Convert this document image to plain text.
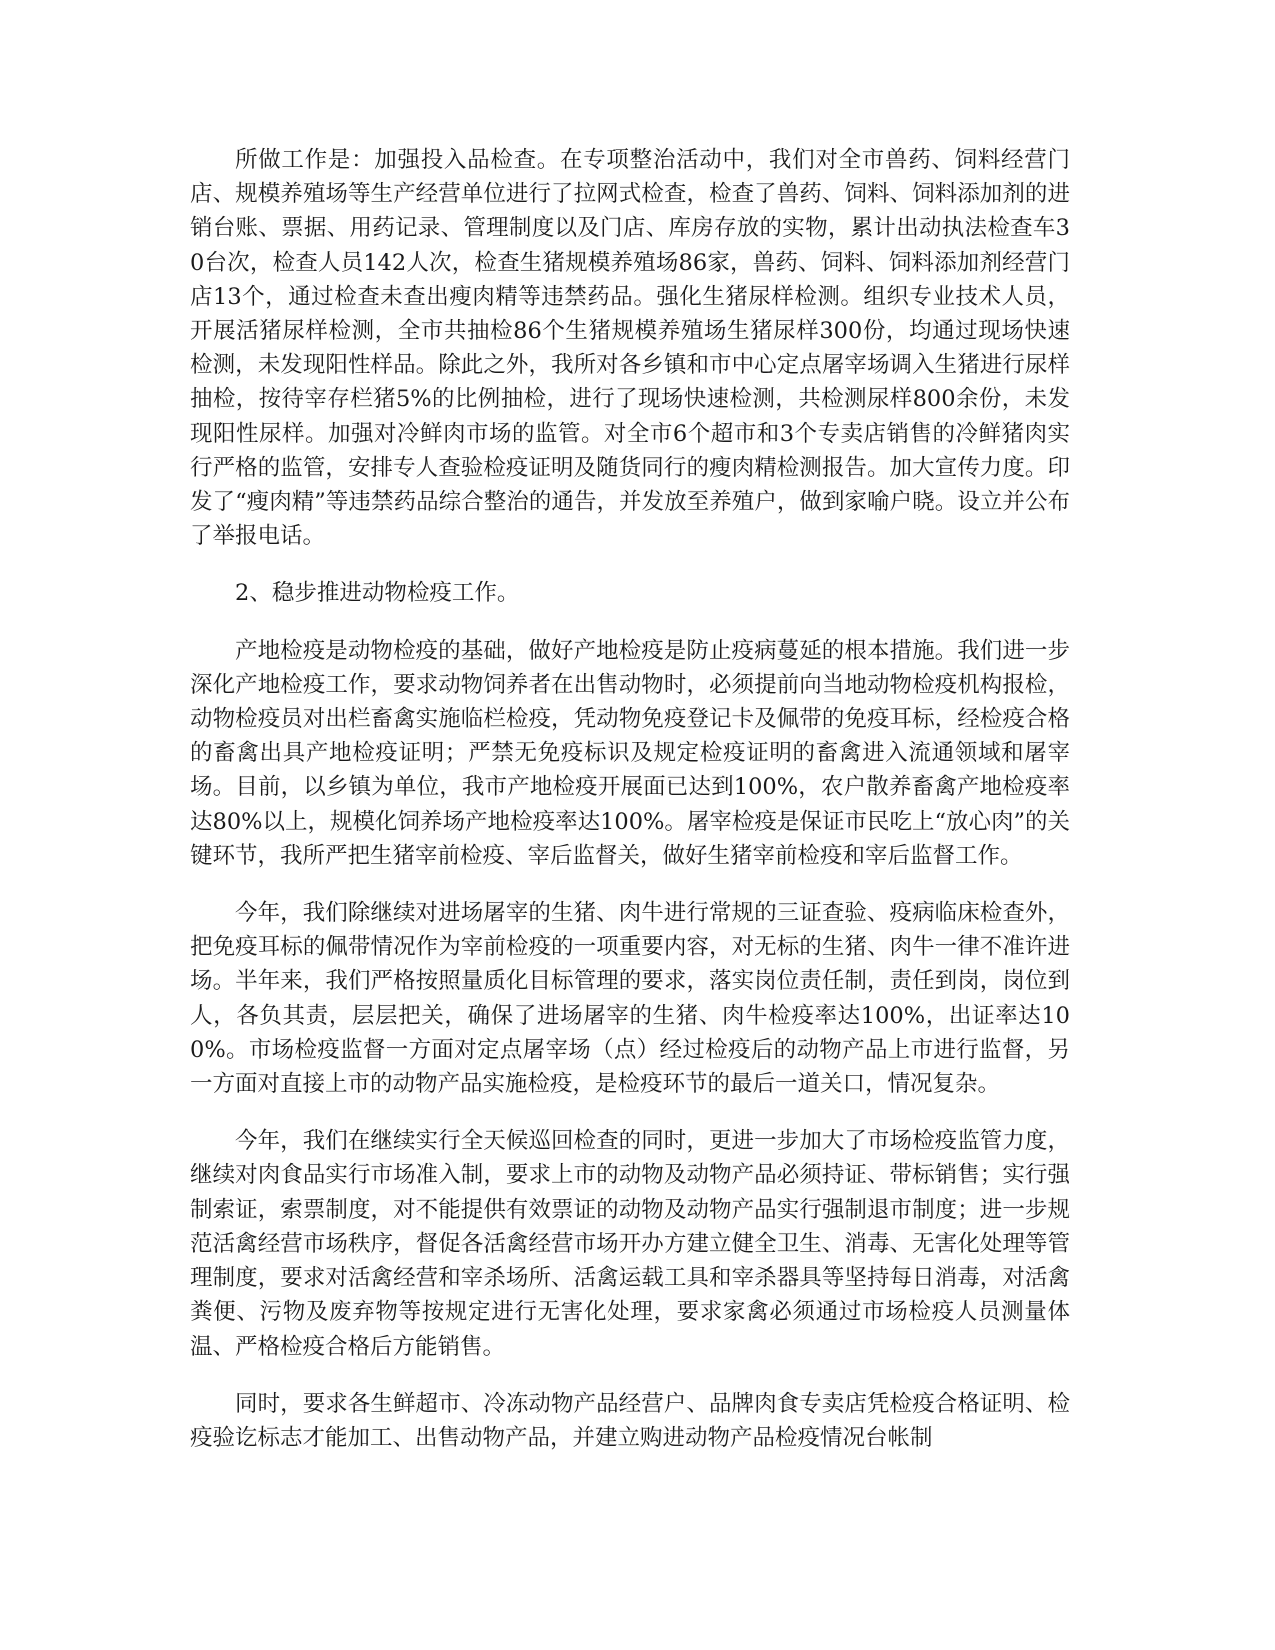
所做工作是：加强投入品检查。在专项整治活动中，我们对全市兽药、饲料经营门店、规模养殖场等生产经营单位进行了拉网式检查，检查了兽药、饲料、饲料添加剂的进销台账、票据、用药记录、管理制度以及门店、库房存放的实物，累计出动执法检查车30台次，检查人员142人次，检查生猪规模养殖场86家，兽药、饲料、饲料添加剂经营门店13个，通过检查未查出瘦肉精等违禁药品。强化生猪尿样检测。组织专业技术人员，开展活猪尿样检测，全市共抽检86个生猪规模养殖场生猪尿样300份，均通过现场快速检测，未发现阳性样品。除此之外，我所对各乡镇和市中心定点屠宰场调入生猪进行尿样抽检，按待宰存栏猪5%的比例抽检，进行了现场快速检测，共检测尿样800余份，未发现阳性尿样。加强对冷鲜肉市场的监管。对全市6个超市和3个专卖店销售的冷鲜猪肉实行严格的监管，安排专人查验检疫证明及随货同行的瘦肉精检测报告。加大宣传力度。印发了“瘦肉精”等违禁药品综合整治的通告，并发放至养殖户，做到家喻户晓。设立并公布了举报电话。

2、稳步推进动物检疫工作。

产地检疫是动物检疫的基础，做好产地检疫是防止疫病蔓延的根本措施。我们进一步深化产地检疫工作，要求动物饲养者在出售动物时，必须提前向当地动物检疫机构报检，动物检疫员对出栏畜禽实施临栏检疫，凭动物免疫登记卡及佩带的免疫耳标，经检疫合格的畜禽出具产地检疫证明；严禁无免疫标识及规定检疫证明的畜禽进入流通领域和屠宰场。目前，以乡镇为单位，我市产地检疫开展面已达到100%，农户散养畜禽产地检疫率达80%以上，规模化饲养场产地检疫率达100%。屠宰检疫是保证市民吃上“放心肉”的关键环节，我所严把生猪宰前检疫、宰后监督关，做好生猪宰前检疫和宰后监督工作。

今年，我们除继续对进场屠宰的生猪、肉牛进行常规的三证查验、疫病临床检查外，把免疫耳标的佩带情况作为宰前检疫的一项重要内容，对无标的生猪、肉牛一律不准许进场。半年来，我们严格按照量质化目标管理的要求，落实岗位责任制，责任到岗，岗位到人，各负其责，层层把关，确保了进场屠宰的生猪、肉牛检疫率达100%，出证率达100%。市场检疫监督一方面对定点屠宰场（点）经过检疫后的动物产品上市进行监督，另一方面对直接上市的动物产品实施检疫，是检疫环节的最后一道关口，情况复杂。

今年，我们在继续实行全天候巡回检查的同时，更进一步加大了市场检疫监管力度，继续对肉食品实行市场准入制，要求上市的动物及动物产品必须持证、带标销售；实行强制索证，索票制度，对不能提供有效票证的动物及动物产品实行强制退市制度；进一步规范活禽经营市场秩序，督促各活禽经营市场开办方建立健全卫生、消毒、无害化处理等管理制度，要求对活禽经营和宰杀场所、活禽运载工具和宰杀器具等坚持每日消毒，对活禽粪便、污物及废弃物等按规定进行无害化处理，要求家禽必须通过市场检疫人员测量体温、严格检疫合格后方能销售。

同时，要求各生鲜超市、冷冻动物产品经营户、品牌肉食专卖店凭检疫合格证明、检疫验讫标志才能加工、出售动物产品，并建立购进动物产品检疫情况台帐制
